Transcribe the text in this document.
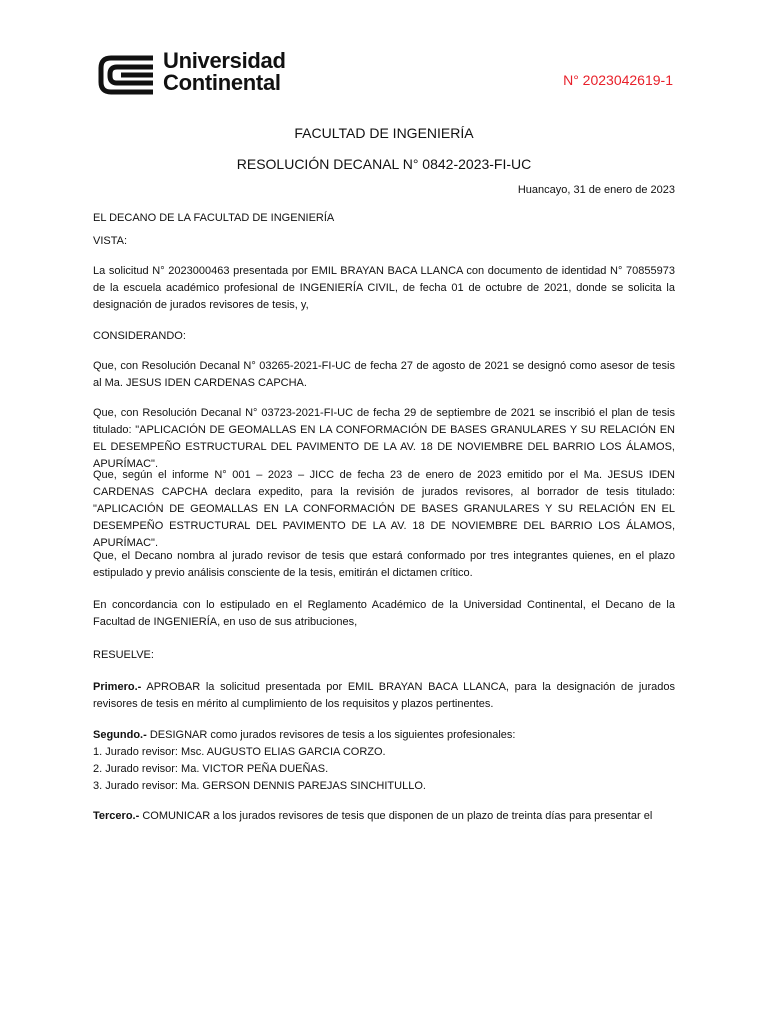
Universidad
Continental	N° 2023042619-1
FACULTAD DE INGENIERÍA
RESOLUCIÓN DECANAL N° 0842-2023-FI-UC
Huancayo, 31 de enero de 2023
EL DECANO DE LA FACULTAD DE INGENIERÍA
VISTA:

La solicitud N° 2023000463 presentada por EMIL BRAYAN BACA LLANCA con documento de identidad N° 70855973 de la escuela académico profesional de INGENIERÍA CIVIL, de fecha 01 de octubre de 2021, donde se solicita la designación de jurados revisores de tesis, y,

CONSIDERANDO:

Que, con Resolución Decanal N° 03265-2021-FI-UC de fecha 27 de agosto de 2021 se designó como asesor de tesis al Ma. JESUS IDEN CARDENAS CAPCHA.

Que, con Resolución Decanal N° 03723-2021-FI-UC de fecha 29 de septiembre de 2021 se inscribió el plan de tesis titulado: "APLICACIÓN DE GEOMALLAS EN LA CONFORMACIÓN DE BASES GRANULARES Y SU RELACIÓN EN EL DESEMPEÑO ESTRUCTURAL DEL PAVIMENTO DE LA AV. 18 DE NOVIEMBRE DEL BARRIO LOS ÁLAMOS, APURÍMAC".

Que, según el informe N° 001 – 2023 – JICC de fecha 23 de enero de 2023 emitido por el Ma. JESUS IDEN CARDENAS CAPCHA declara expedito, para la revisión de jurados revisores, al borrador de tesis titulado: "APLICACIÓN DE GEOMALLAS EN LA CONFORMACIÓN DE BASES GRANULARES Y SU RELACIÓN EN EL DESEMPEÑO ESTRUCTURAL DEL PAVIMENTO DE LA AV. 18 DE NOVIEMBRE DEL BARRIO LOS ÁLAMOS, APURÍMAC".

Que, el Decano nombra al jurado revisor de tesis que estará conformado por tres integrantes quienes, en el plazo estipulado y previo análisis consciente de la tesis, emitirán el dictamen crítico.

En concordancia con lo estipulado en el Reglamento Académico de la Universidad Continental, el Decano de la Facultad de INGENIERÍA, en uso de sus atribuciones,

RESUELVE:

Primero.- APROBAR la solicitud presentada por EMIL BRAYAN BACA LLANCA, para la designación de jurados revisores de tesis en mérito al cumplimiento de los requisitos y plazos pertinentes.

Segundo.- DESIGNAR como jurados revisores de tesis a los siguientes profesionales:

1. Jurado revisor: Msc. AUGUSTO ELIAS GARCIA CORZO.
2. Jurado revisor: Ma. VICTOR PEÑA DUEÑAS.
3. Jurado revisor: Ma. GERSON DENNIS PAREJAS SINCHITULLO.

Tercero.- COMUNICAR a los jurados revisores de tesis que disponen de un plazo de treinta días para presentar el
